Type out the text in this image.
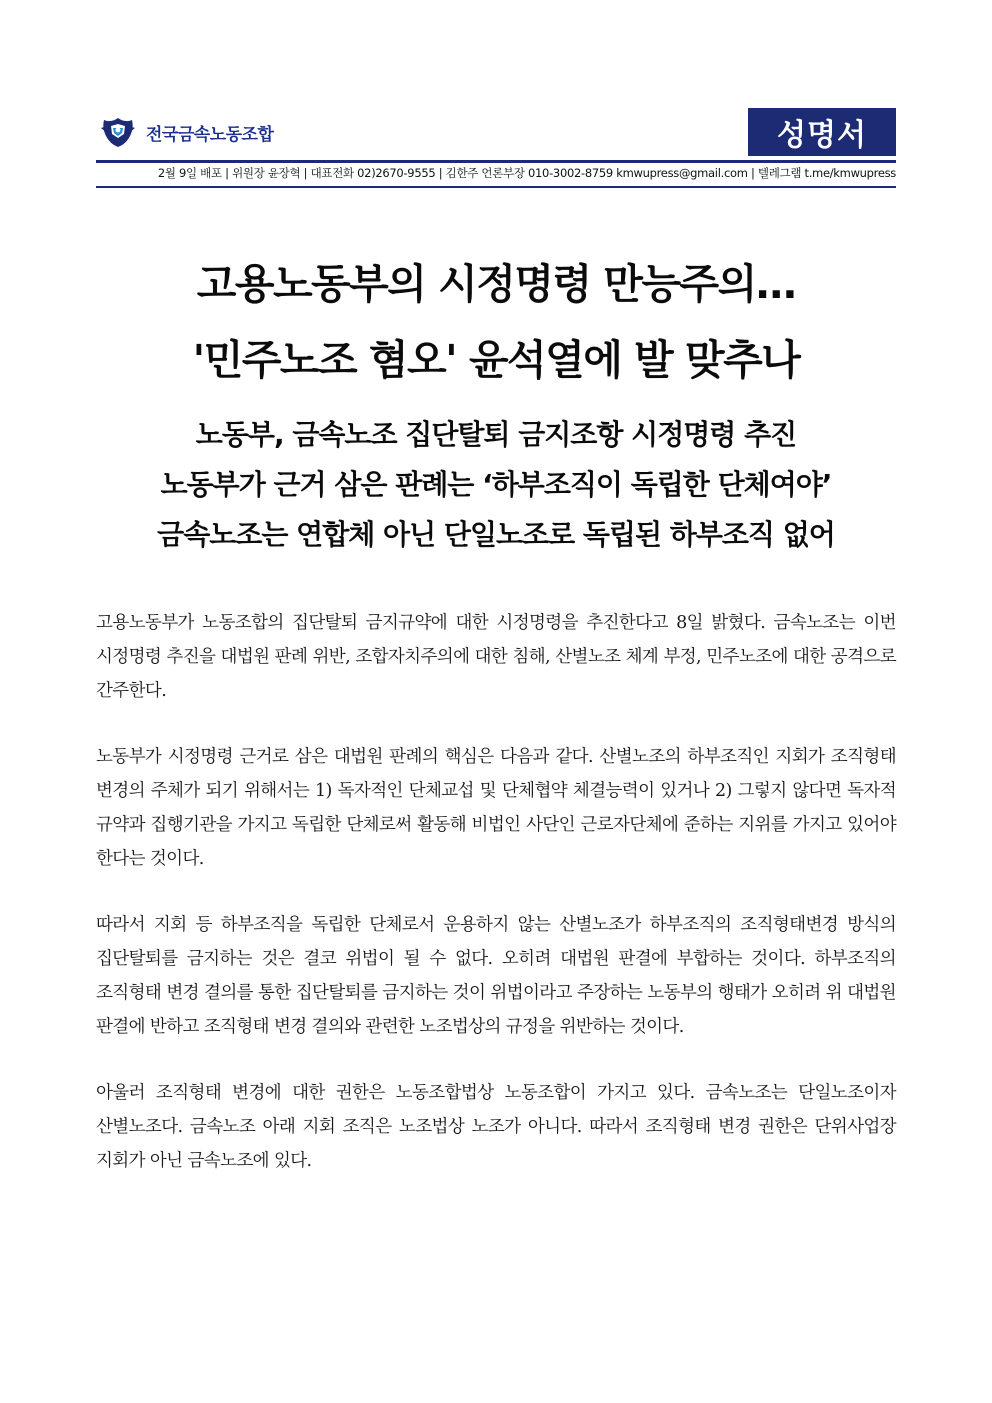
전국금속노동조합	성명서
2월 9일 배포 | 위원장 윤장혁 | 대표전화 02)2670-9555 | 김한주 언론부장 010-3002-8759 kmwupress@gmail.com | 텔레그램 t.me/kmwupress
고용노동부의 시정명령 만능주의…
'민주노조 혐오' 윤석열에 발 맞추나
노동부, 금속노조 집단탈퇴 금지조항 시정명령 추진
노동부가 근거 삼은 판례는 ‘하부조직이 독립한 단체여야’
금속노조는 연합체 아닌 단일노조로 독립된 하부조직 없어

고용노동부가 노동조합의 집단탈퇴 금지규약에 대한 시정명령을 추진한다고 8일 밝혔다. 금속노조는 이번 시정명령 추진을 대법원 판례 위반, 조합자치주의에 대한 침해, 산별노조 체계 부정, 민주노조에 대한 공격으로 간주한다.

노동부가 시정명령 근거로 삼은 대법원 판례의 핵심은 다음과 같다. 산별노조의 하부조직인 지회가 조직형태 변경의 주체가 되기 위해서는 1) 독자적인 단체교섭 및 단체협약 체결능력이 있거나 2) 그렇지 않다면 독자적 규약과 집행기관을 가지고 독립한 단체로써 활동해 비법인 사단인 근로자단체에 준하는 지위를 가지고 있어야 한다는 것이다.

따라서 지회 등 하부조직을 독립한 단체로서 운용하지 않는 산별노조가 하부조직의 조직형태변경 방식의 집단탈퇴를 금지하는 것은 결코 위법이 될 수 없다. 오히려 대법원 판결에 부합하는 것이다. 하부조직의 조직형태 변경 결의를 통한 집단탈퇴를 금지하는 것이 위법이라고 주장하는 노동부의 행태가 오히려 위 대법원 판결에 반하고 조직형태 변경 결의와 관련한 노조법상의 규정을 위반하는 것이다.

아울러 조직형태 변경에 대한 권한은 노동조합법상 노동조합이 가지고 있다. 금속노조는 단일노조이자 산별노조다. 금속노조 아래 지회 조직은 노조법상 노조가 아니다. 따라서 조직형태 변경 권한은 단위사업장 지회가 아닌 금속노조에 있다.
